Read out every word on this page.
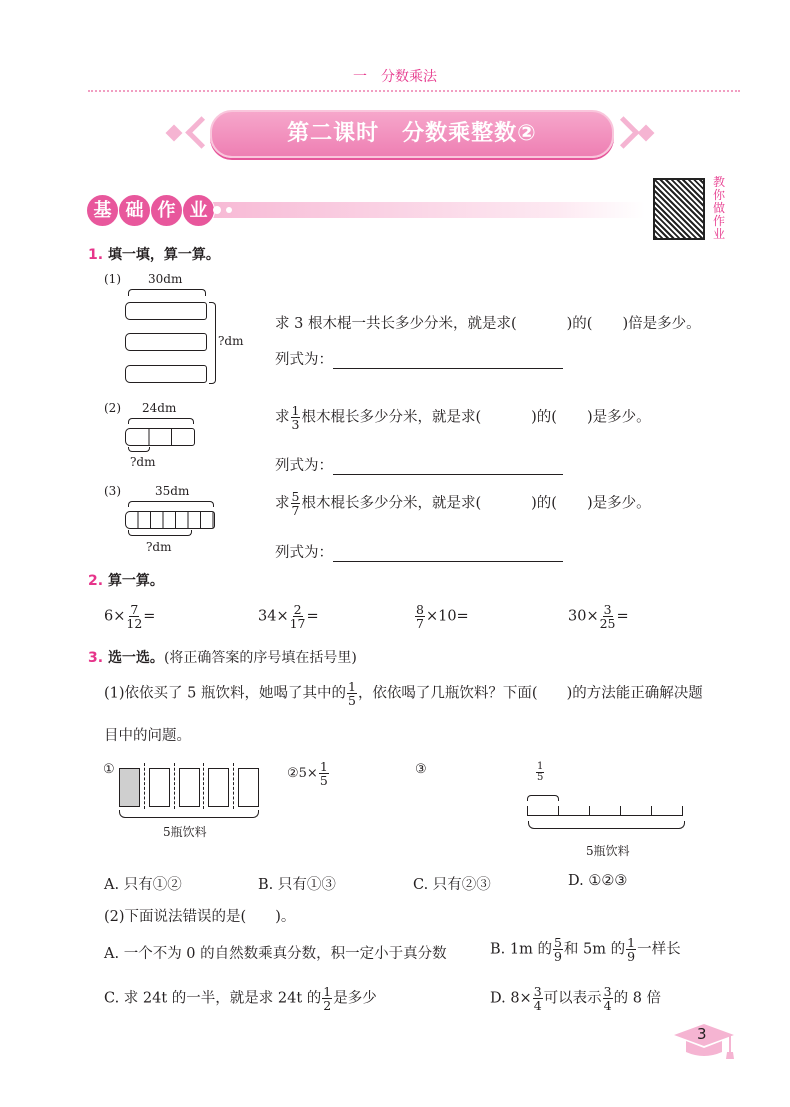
一　分数乘法
第二课时　分数乘整数②
基 础 作 业
教你做作业
1. 填一填，算一算。
(1) 30dm
?dm
求 3 根木棍一共长多少分米，就是求(	)的( )倍是多少。
列式为：
(2) 24dm
?dm
求 $\frac{1}{3}$ 根木棍长多少分米，就是求(	)的( )是多少。
列式为：
(3)	35dm
?dm
求 $\frac{5}{7}$ 根木棍长多少分米，就是求(	)的( )是多少。
列式为：
2. 算一算。
$6\times \frac{7}{12}$ =	$34\times \frac{2}{17}$ =	$\frac{8}{7} \times 10=$	$30\times \frac{3}{25}$ =
3. 选一选。(将正确答案的序号填在括号里)
(1)依依买了 5 瓶饮料，她喝了其中的 $\frac{1}{5}$ ，依依喝了几瓶饮料？下面(　　)的方法能正确解决题
目中的问题。
①
5瓶饮料
②5× $\frac{1}{5}$	③	$\frac{1}{5}$
5瓶饮料
A. 只有①②	B. 只有①③	C. 只有②③	D. ①②③
(2)下面说法错误的是(　　)。
A. 一个不为 0 的自然数乘真分数，积一定小于真分数	B. 1m 的 $\frac{5}{9}$ 和 5m 的 $\frac{1}{9}$ 一样长
C. 求 24t 的一半，就是求 24t 的 $\frac{1}{2}$ 是多少	D. $8\times \frac{3}{4}$ 可以表示 $\frac{3}{4}$ 的 8 倍
3
